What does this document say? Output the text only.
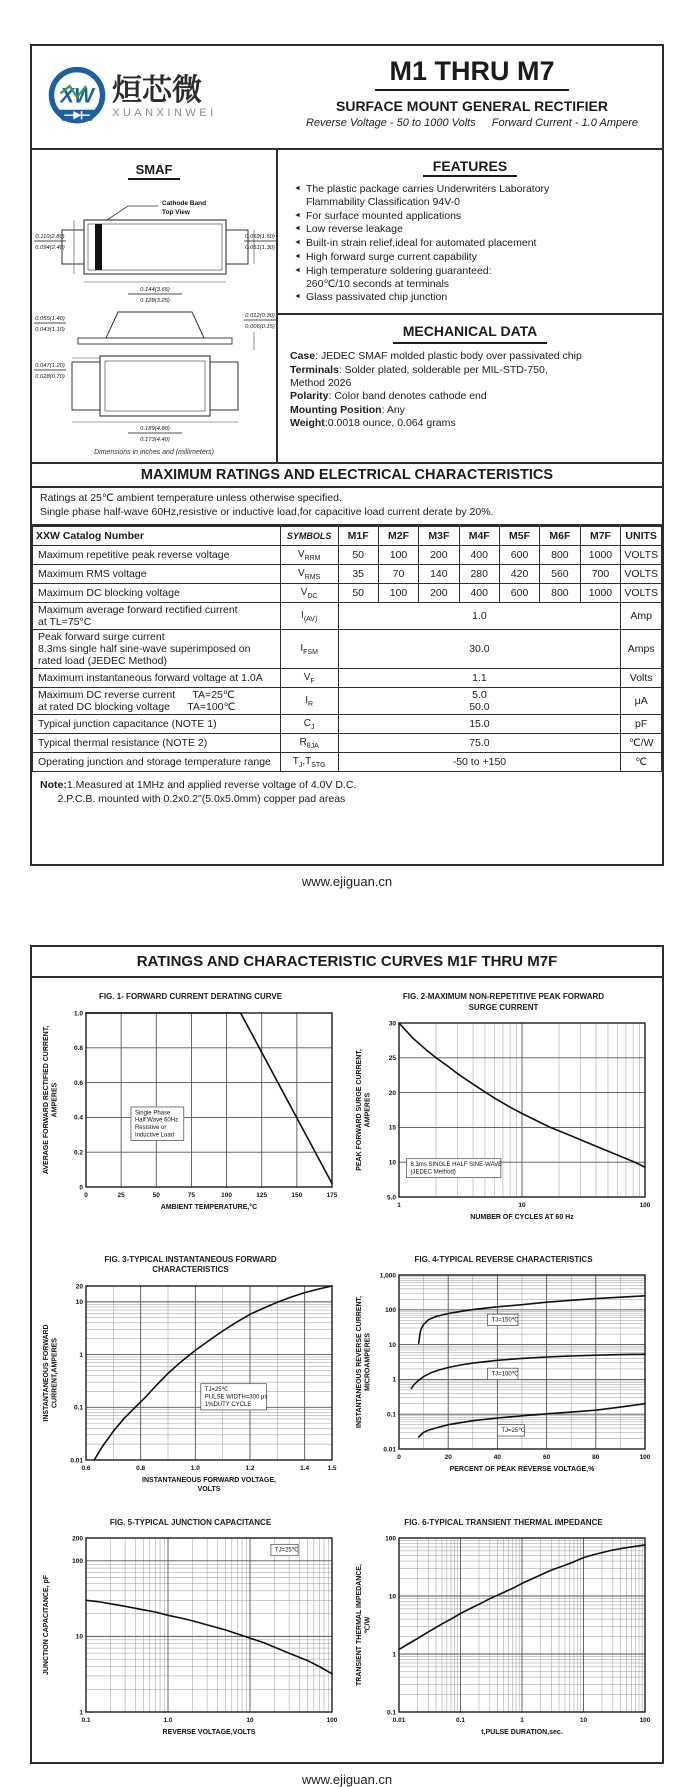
XW 烜芯微
XUANXINWEI
M1 THRU M7
SURFACE MOUNT GENERAL RECTIFIER
Reverse Voltage - 50 to 1000 Volts Forward Current - 1.0 Ampere
SMAF
Cathode Band
Top View
0.110(2.80)
0.094(2.40)
0.059(1.50)
0.051(1.30)
0.144(3.65)
0.128(3.25)
0.055(1.40)
0.043(1.10)
0.012(0.30)
0.006(0.15)
0.047(1.20)
0.028(0.70)
0.189(4.80)
0.173(4.40)
Dimensions in inches and (millimeters)
FEATURES
◄ The plastic package carries Underwriters Laboratory
Flammability Classification 94V-0
◄ For surface mounted applications
◄ Low reverse leakage
◄ Built-in strain relief,ideal for automated placement
◄ High forward surge current capability
◄ High temperature soldering guaranteed:
260℃/10 seconds at terminals
◄ Glass passivated chip junction
MECHANICAL DATA
Case: JEDEC SMAF molded plastic body over passivated chip
Terminals: Solder plated, solderable per MIL-STD-750,
Method 2026
Polarity: Color band denotes cathode end
Mounting Position: Any
Weight:0.0018 ounce, 0.064 grams
MAXIMUM RATINGS AND ELECTRICAL CHARACTERISTICS
Ratings at 25℃ ambient temperature unless otherwise specified.
Single phase half-wave 60Hz,resistive or inductive load,for capacitive load current derate by 20%.
XXW Catalog Number	SYMBOLS	M1F	M2F	M3F	M4F	M5F	M6F	M7F	UNITS

Maximum repetitive peak reverse voltage	$V_{RRM}$	50	100	200	400	600	800	1000	VOLTS

Maximum RMS voltage	$V_{RMS}$	35	70	140	280	420	560	700	VOLTS

Maximum DC blocking voltage	$V_{DC}$	50	100	200	400	600	800	1000	VOLTS

Maximum average forward rectified current
at TL=75°C	$I_{(AV)}$	1.0							Amp

Peak forward surge current
8.3ms single half sine-wave superimposed on
rated load (JEDEC Method)	$I_{FSM}$	30.0							Amps

Maximum instantaneous forward voltage at 1.0A	$V_F$	1.1							Volts

Maximum DC reverse current      TA=25℃
at rated DC blocking voltage      TA=100℃
	$I_R$	
5.0
50.0	μA

Typical junction capacitance (NOTE 1)	$C_J$	15.0							pF

Typical thermal resistance (NOTE 2)	$R_{\theta JA}$	75.0							℃/W

Operating junction and storage temperature range	$T_J,T_{STG}$	-50 to +150							℃
Note:1.Measured at 1MHz and applied reverse voltage of 4.0V D.C.
2.P.C.B. mounted with 0.2x0.2"(5.0x5.0mm) copper pad areas
www.ejiguan.cn
RATINGS AND CHARACTERISTIC CURVES M1F THRU M7F
FIG. 1- FORWARD CURRENT DERATING CURVE
Single Phase
Half Wave 60Hz
Resistive or
Inductive Load
0	25	50	75	100	125	150	175
0
0.2
0.4
0.6
0.8
1.0
AMBIENT TEMPERATURE,°C
AVERAGE FORWARD RECTIFIED CURRENT, AMPERES
FIG. 2-MAXIMUM NON-REPETITIVE PEAK FORWARD
SURGE CURRENT
8.3ms SINGLE HALF SINE-WAVE
(JEDEC Method)
1	10	100
5.0
10
15
20
25
30
NUMBER OF CYCLES AT 60 Hz
PEAK FORWARD SURGE CURRENT, AMPERES
FIG. 3-TYPICAL INSTANTANEOUS FORWARD
CHARACTERISTICS
TJ=25℃
PULSE WIDTH=300 μs
1%DUTY CYCLE
0.6	0.8	1.0	1.2	1.4	1.5
0.01
0.1
1
10
20
INSTANTANEOUS FORWARD VOLTAGE,
VOLTS
INSTANTANEOUS FORWARD CURRENT,AMPERES
FIG. 4-TYPICAL REVERSE CHARACTERISTICS
TJ=150℃
TJ=100℃
TJ=25℃
0	20	40	60	80	100
0.01
0.1
1
10
100
1,000
PERCENT OF PEAK REVERSE VOLTAGE,%
INSTANTANEOUS REVERSE CURRENT, MICROAMPERES
FIG. 5-TYPICAL JUNCTION CAPACITANCE
TJ=25℃
0.1	1.0	10	100
1
10
100
200
REVERSE VOLTAGE,VOLTS
JUNCTION CAPACITANCE, pF
FIG. 6-TYPICAL TRANSIENT THERMAL IMPEDANCE
0.01	0.1	1	10	100
0.1
1
10
100
t,PULSE DURATION,sec.
TRANSIENT THERMAL IMPEDANCE, ℃/W
www.ejiguan.cn
